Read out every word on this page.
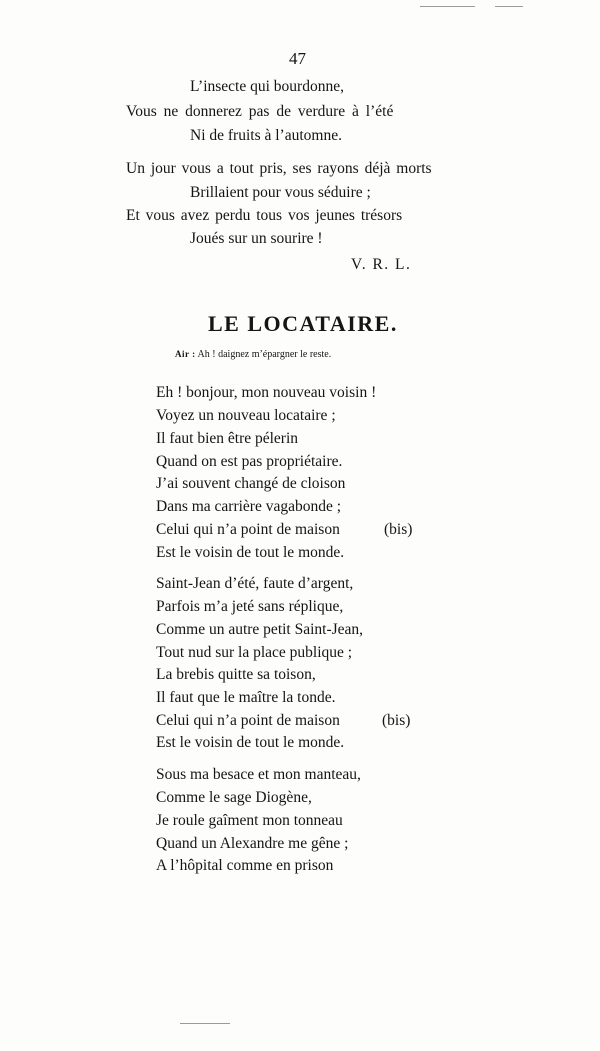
47
L’insecte qui bourdonne,
Vous ne donnerez pas de verdure à l’été
Ni de fruits à l’automne.
Un jour vous a tout pris, ses rayons déjà morts
Brillaient pour vous séduire ;
Et vous avez perdu tous vos jeunes trésors
Joués sur un sourire !
V. R. L.
LE LOCATAIRE.
Air : Ah ! daignez m’épargner le reste.
Eh ! bonjour, mon nouveau voisin !
Voyez un nouveau locataire ;
Il faut bien être pélerin
Quand on est pas propriétaire.
J’ai souvent changé de cloison
Dans ma carrière vagabonde ;
Celui qui n’a point de maison	(bis)
Est le voisin de tout le monde.
Saint-Jean d’été, faute d’argent,
Parfois m’a jeté sans réplique,
Comme un autre petit Saint-Jean,
Tout nud sur la place publique ;
La brebis quitte sa toison,
Il faut que le maître la tonde.
Celui qui n’a point de maison	(bis)
Est le voisin de tout le monde.
Sous ma besace et mon manteau,
Comme le sage Diogène,
Je roule gaîment mon tonneau
Quand un Alexandre me gêne ;
A l’hôpital comme en prison
